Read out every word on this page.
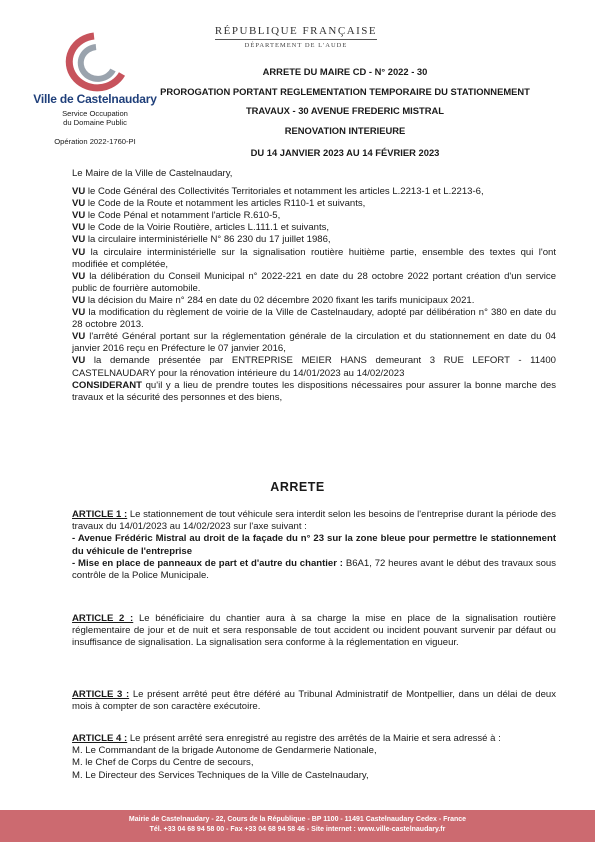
Ville de Castelnaudary
Service Occupation
du Domaine Public
Opération 2022-1760-PI
RÉPUBLIQUE FRANÇAISE
DÉPARTEMENT DE L'AUDE
ARRETE DU MAIRE CD - N° 2022 - 30
PROROGATION PORTANT REGLEMENTATION TEMPORAIRE DU STATIONNEMENT
TRAVAUX - 30 AVENUE FREDERIC MISTRAL
RENOVATION INTERIEURE
DU 14 JANVIER 2023 AU 14 FÉVRIER 2023

Le Maire de la Ville de Castelnaudary,

VU le Code Général des Collectivités Territoriales et notamment les articles L.2213-1 et L.2213-6,

VU le Code de la Route et notamment les articles R110-1 et suivants,

VU le Code Pénal et notamment l'article R.610-5,

VU le Code de la Voirie Routière, articles L.111.1 et suivants,

VU la circulaire interministérielle N° 86 230 du 17 juillet 1986,

VU la circulaire interministérielle sur la signalisation routière huitième partie, ensemble des textes qui l'ont modifiée et complétée,

VU la délibération du Conseil Municipal n° 2022-221 en date du 28 octobre 2022 portant création d'un service public de fourrière automobile.

VU la décision du Maire n° 284 en date du 02 décembre 2020 fixant les tarifs municipaux 2021.

VU la modification du règlement de voirie de la Ville de Castelnaudary, adopté par délibération n° 380 en date du 28 octobre 2013.

VU l'arrêté Général portant sur la réglementation générale de la circulation et du stationnement en date du 04 janvier 2016 reçu en Préfecture le 07 janvier 2016,

VU la demande présentée par ENTREPRISE MEIER HANS demeurant 3 RUE LEFORT - 11400 CASTELNAUDARY pour la rénovation intérieure du 14/01/2023 au 14/02/2023

CONSIDERANT qu'il y a lieu de prendre toutes les dispositions nécessaires pour assurer la bonne marche des travaux et la sécurité des personnes et des biens,

ARRETE

ARTICLE 1 : Le stationnement de tout véhicule sera interdit selon les besoins de l'entreprise durant la période des travaux du 14/01/2023 au 14/02/2023 sur l'axe suivant :

- Avenue Frédéric Mistral au droit de la façade du n° 23 sur la zone bleue pour permettre le stationnement du véhicule de l'entreprise

- Mise en place de panneaux de part et d'autre du chantier : B6A1, 72 heures avant le début des travaux sous contrôle de la Police Municipale.

ARTICLE 2 : Le bénéficiaire du chantier aura à sa charge la mise en place de la signalisation routière réglementaire de jour et de nuit et sera responsable de tout accident ou incident pouvant survenir par défaut ou insuffisance de signalisation. La signalisation sera conforme à la réglementation en vigueur.

ARTICLE 3 : Le présent arrêté peut être déféré au Tribunal Administratif de Montpellier, dans un délai de deux mois à compter de son caractère exécutoire.

ARTICLE 4 : Le présent arrêté sera enregistré au registre des arrêtés de la Mairie et sera adressé à :

M. Le Commandant de la brigade Autonome de Gendarmerie Nationale,

M. le Chef de Corps du Centre de secours,

M. Le Directeur des Services Techniques de la Ville de Castelnaudary,

Mairie de Castelnaudary - 22, Cours de la République - BP 1100 - 11491 Castelnaudary Cedex - France
Tél. +33 04 68 94 58 00 - Fax +33 04 68 94 58 46 - Site internet : www.ville-castelnaudary.fr
